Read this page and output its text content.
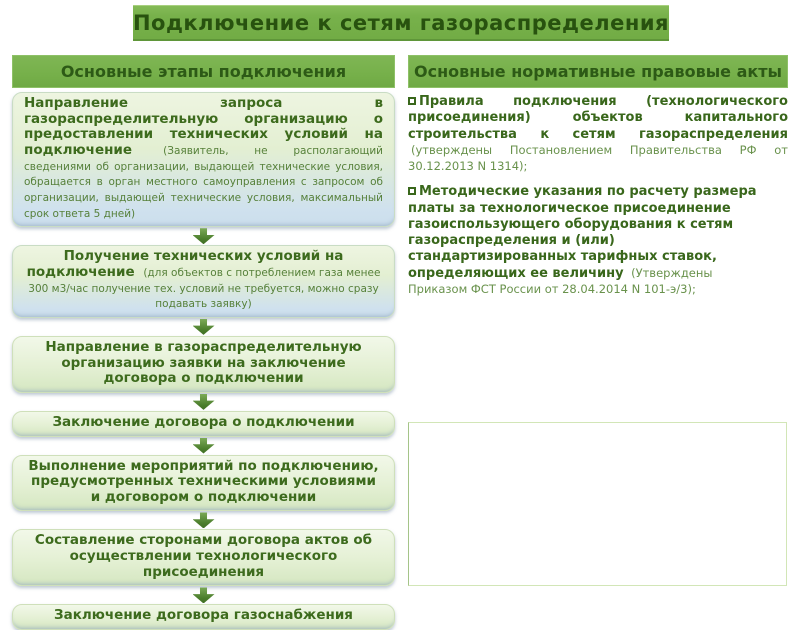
Подключение к сетям газораспределения
Основные этапы подключения	Основные нормативные правовые акты
Направление запроса в газораспределительную организацию о предоставлении технических условий на подключение	(Заявитель, не располагающий сведениями об организации, выдающей технические условия, обращается в орган местного самоуправления с запросом об организации, выдающей технические условия, максимальный срок ответа 5 дней)
Получение технических условий на подключение (для объектов с потреблением газа менее 300 м3/час получение тех. условий не требуется, можно сразу подавать заявку)
Направление в газораспределительную организацию заявки на заключение договора о подключении
Заключение договора о подключении
Выполнение мероприятий по подключению, предусмотренных техническими условиями и договором о подключении
Составление сторонами договора актов об осуществлении технологического присоединения
Заключение договора газоснабжения
Правила подключения (технологического присоединения) объектов капитального строительства к сетям газораспределения (утверждены Постановлением Правительства РФ от 30.12.2013 N 1314);
Методические указания по расчету размера платы за технологическое присоединение газоиспользующего оборудования к сетям газораспределения и (или) стандартизированных тарифных ставок, определяющих ее величину (Утверждены Приказом ФСТ России от 28.04.2014 N 101-э/3);
